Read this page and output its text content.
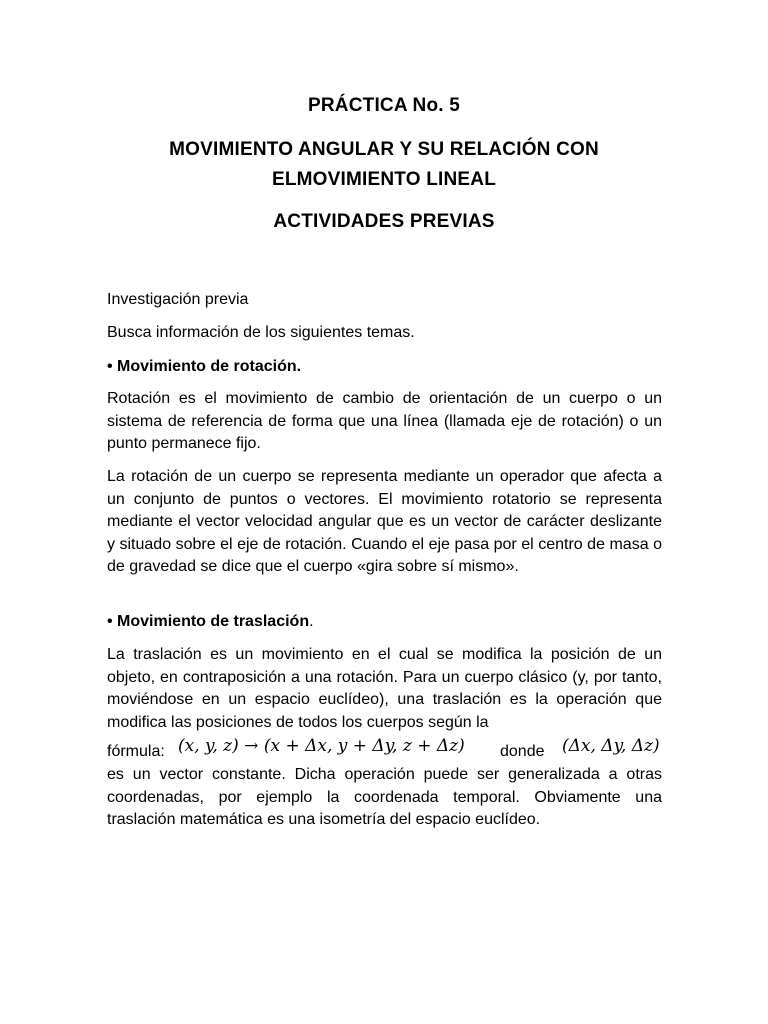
PRÁCTICA No. 5
MOVIMIENTO ANGULAR Y SU RELACIÓN CON
ELMOVIMIENTO LINEAL
ACTIVIDADES PREVIAS
Investigación previa
Busca información de los siguientes temas.
• Movimiento de rotación.
Rotación es el movimiento de cambio de orientación de un cuerpo o un sistema de referencia de forma que una línea (llamada eje de rotación) o un punto permanece fijo.
La rotación de un cuerpo se representa mediante un operador que afecta a un conjunto de puntos o vectores. El movimiento rotatorio se representa mediante el vector velocidad angular que es un vector de carácter deslizante y situado sobre el eje de rotación. Cuando el eje pasa por el centro de masa o de gravedad se dice que el cuerpo «gira sobre sí mismo».
• Movimiento de traslación.
La traslación es un movimiento en el cual se modifica la posición de un objeto, en contraposición a una rotación. Para un cuerpo clásico (y, por tanto, moviéndose en un espacio euclídeo), una traslación es la operación que modifica las posiciones de todos los cuerpos según la
fórmula: (x, y, z) → (x + Δx, y + Δy, z + Δz) donde (Δx, Δy, Δz)
es un vector constante. Dicha operación puede ser generalizada a otras coordenadas, por ejemplo la coordenada temporal. Obviamente una traslación matemática es una isometría del espacio euclídeo.
